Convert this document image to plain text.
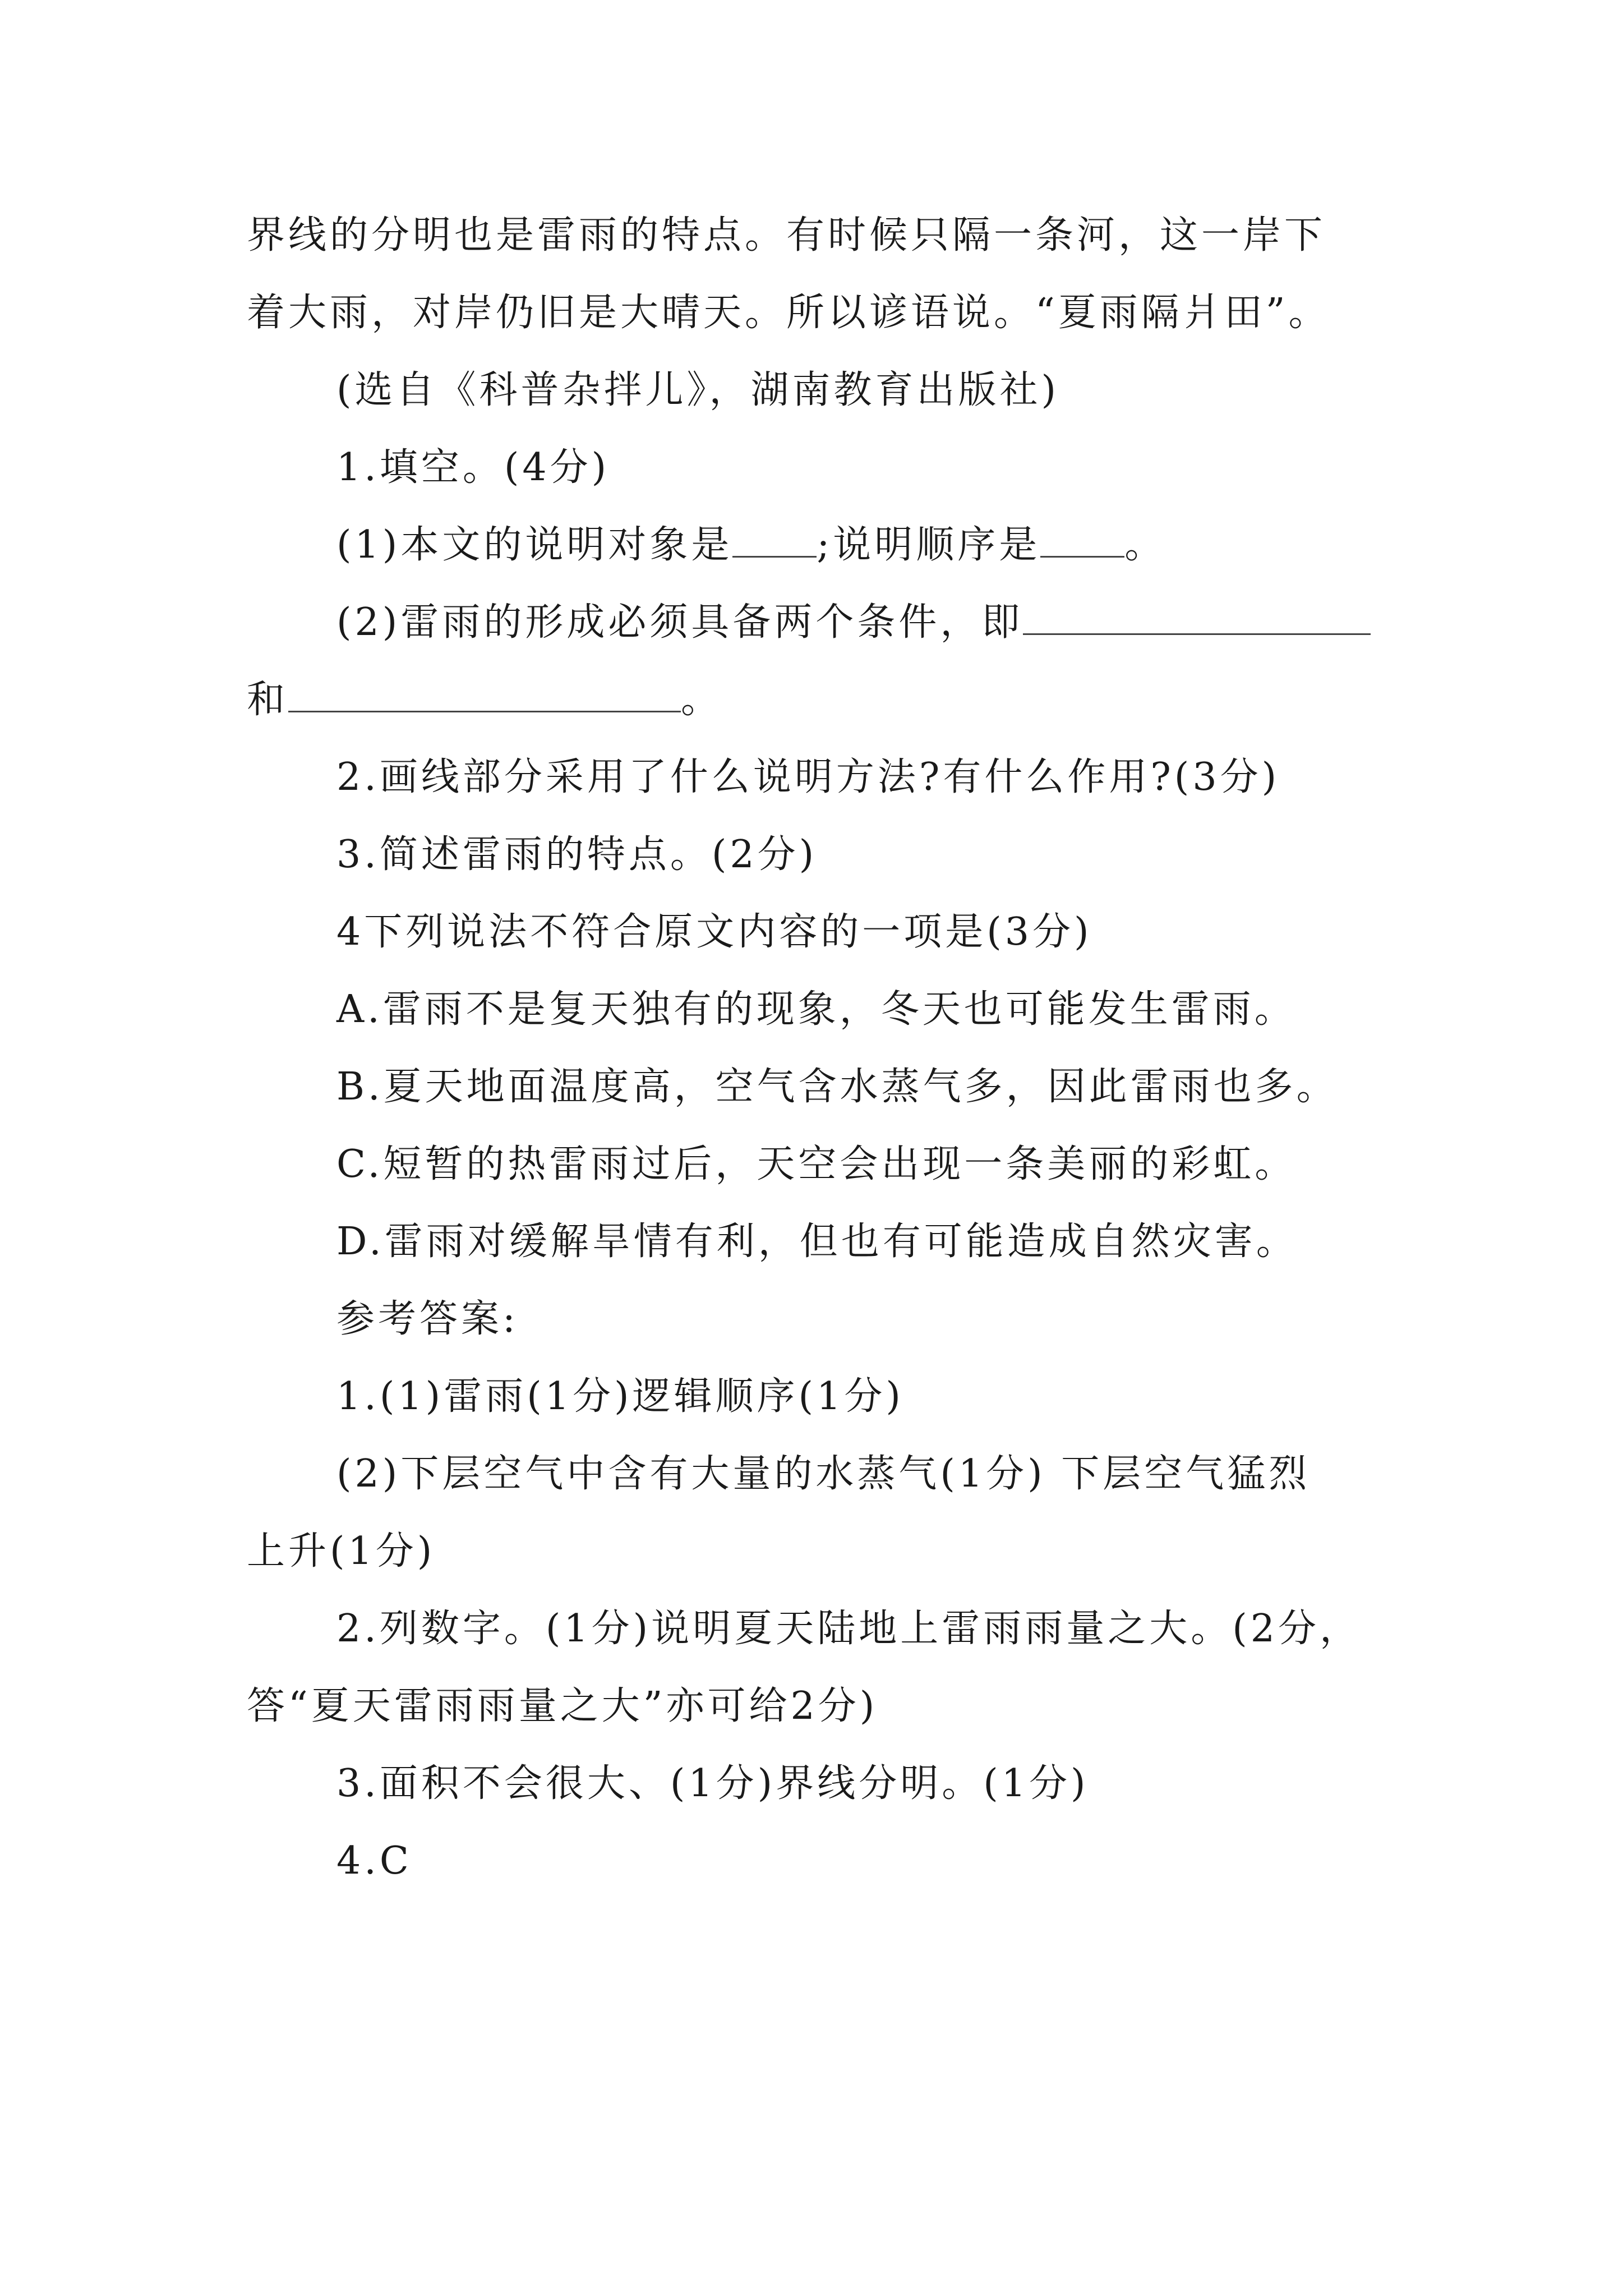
界线的分明也是雷雨的特点。有时候只隔一条河，这一岸下
着大雨，对岸仍旧是大晴天。所以谚语说。“夏雨隔爿田”。
(选自《科普杂拌儿》，湖南教育出版社)
1.填空。(4分)
(1)本文的说明对象是 ;说明顺序是 。
(2)雷雨的形成必须具备两个条件，即
和	。
2.画线部分采用了什么说明方法?有什么作用?(3分)
3.简述雷雨的特点。(2分)
4下列说法不符合原文内容的一项是(3分)
A.雷雨不是复天独有的现象，冬天也可能发生雷雨。
B.夏天地面温度高，空气含水蒸气多，因此雷雨也多。
C.短暂的热雷雨过后，天空会出现一条美丽的彩虹。
D.雷雨对缓解旱情有利，但也有可能造成自然灾害。
参考答案:
1.(1)雷雨(1分)逻辑顺序(1分)
(2)下层空气中含有大量的水蒸气(1分) 下层空气猛烈
上升(1分)
2.列数字。(1分)说明夏天陆地上雷雨雨量之大。(2分，
答“夏天雷雨雨量之大”亦可给2分)
3.面积不会很大、(1分)界线分明。(1分)
4.C
